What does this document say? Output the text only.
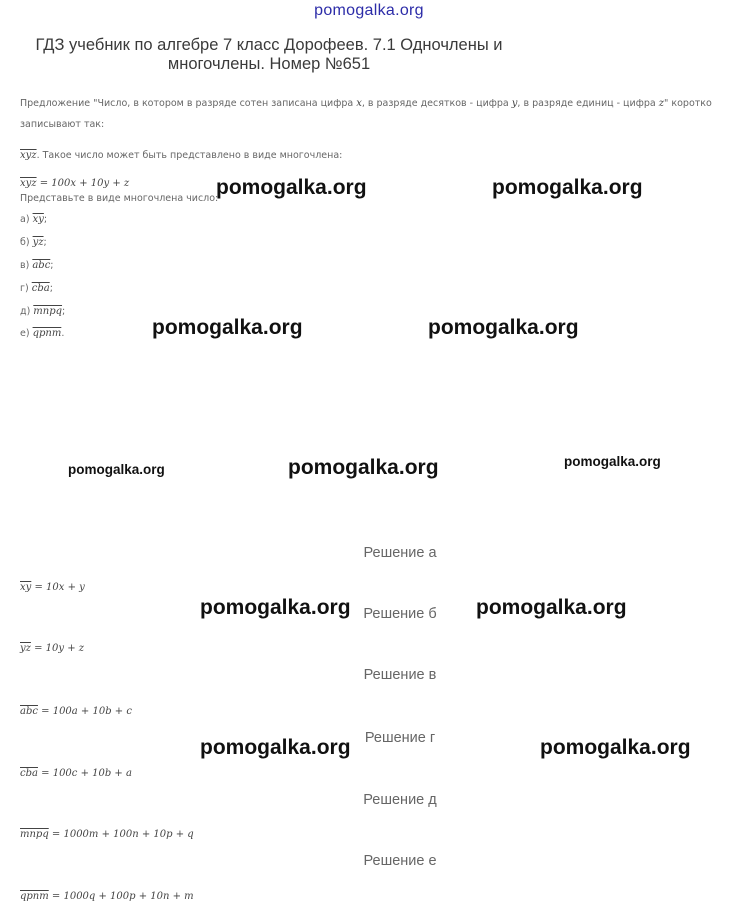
pomogalka.org
ГДЗ учебник по алгебре 7 класс Дорофеев. 7.1 Одночлены и многочлены. Номер №651
Предложение "Число, в котором в разряде сотен записана цифра x, в разряде десятков - цифра y, в разряде единиц - цифра z" коротко
записывают так:
$\overline{xyz}$. Такое число может быть представлено в виде многочлена:
$\overline{xyz} = 100x + 10y + z$
Представьте в виде многочлена число:
а) $\overline{xy}$;
б) $\overline{yz}$;
в) $\overline{abc}$;
г) $\overline{cba}$;
д) mnpq;
е) qpnm.
Решение а
$\overline{xy} = 10x + y$
Решение б
$\overline{yz} = 10y + z$
Решение в
$\overline{abc} = 100a + 10b + c$
Решение г
$\overline{cba} = 100c + 10b + a$
Решение д
mnpq = 1000m + 100n + 10p + q
Решение е
qpnm = 1000q + 100p + 10n + m
pomogalka.org	pomogalka.org
pomogalka.org	pomogalka.org
pomogalka.org	pomogalka.org	pomogalka.org
pomogalka.org	pomogalka.org
pomogalka.org	pomogalka.org
